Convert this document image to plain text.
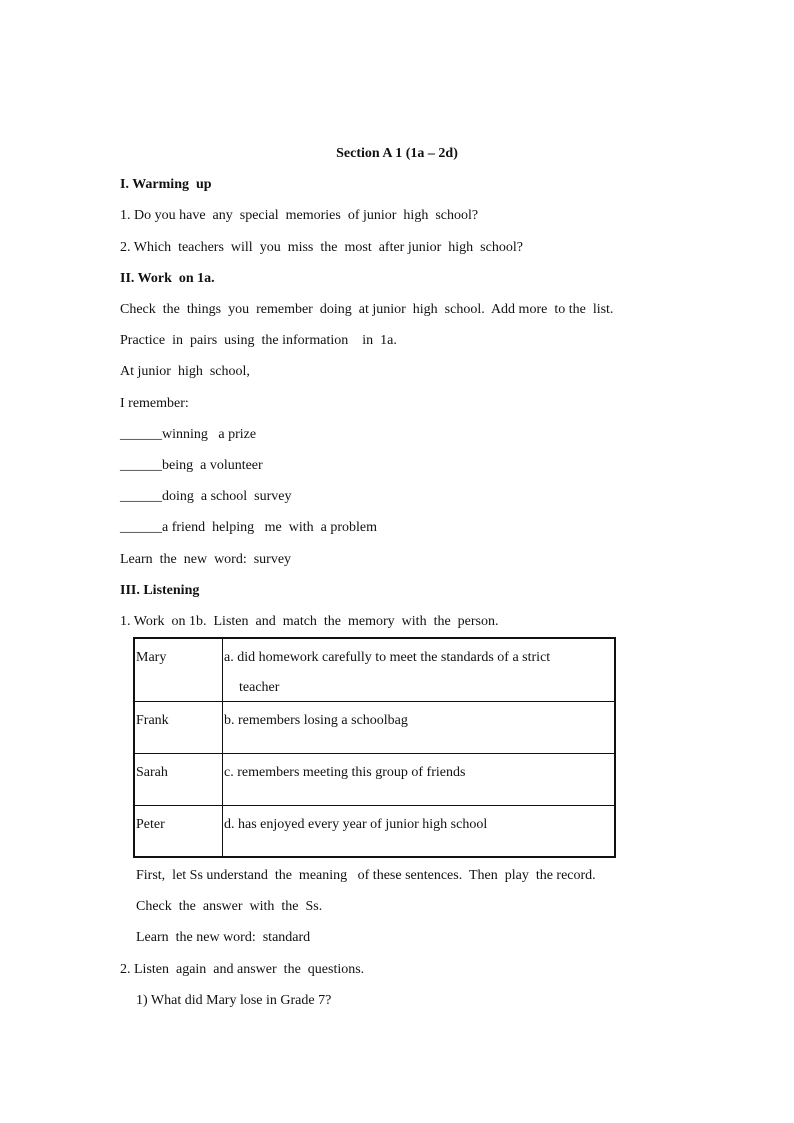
Section A 1 (1a – 2d)
I. Warming  up
1. Do you have  any  special  memories  of junior  high  school?
2. Which  teachers  will  you  miss  the  most  after junior  high  school?
II. Work  on 1a.
Check  the  things  you  remember  doing  at junior  high  school.  Add more  to the  list.
Practice  in  pairs  using  the information    in  1a.
At junior  high  school,
I remember:
______winning   a prize
______being  a volunteer
______doing  a school  survey
______a friend  helping   me  with  a problem
Learn  the  new  word:  survey
III. Listening
1. Work  on 1b.  Listen  and  match  the  memory  with  the  person.
Mary	a. did homework carefully to meet the standards of a strict
teacher

Frank	b. remembers losing a schoolbag
Sarah	c. remembers meeting this group of friends
Peter	d. has enjoyed every year of junior high school
First,  let Ss understand  the  meaning   of these sentences.  Then  play  the record.
Check  the  answer  with  the  Ss.
Learn  the new word:  standard
2. Listen  again  and answer  the  questions.
1) What did Mary lose in Grade 7?
